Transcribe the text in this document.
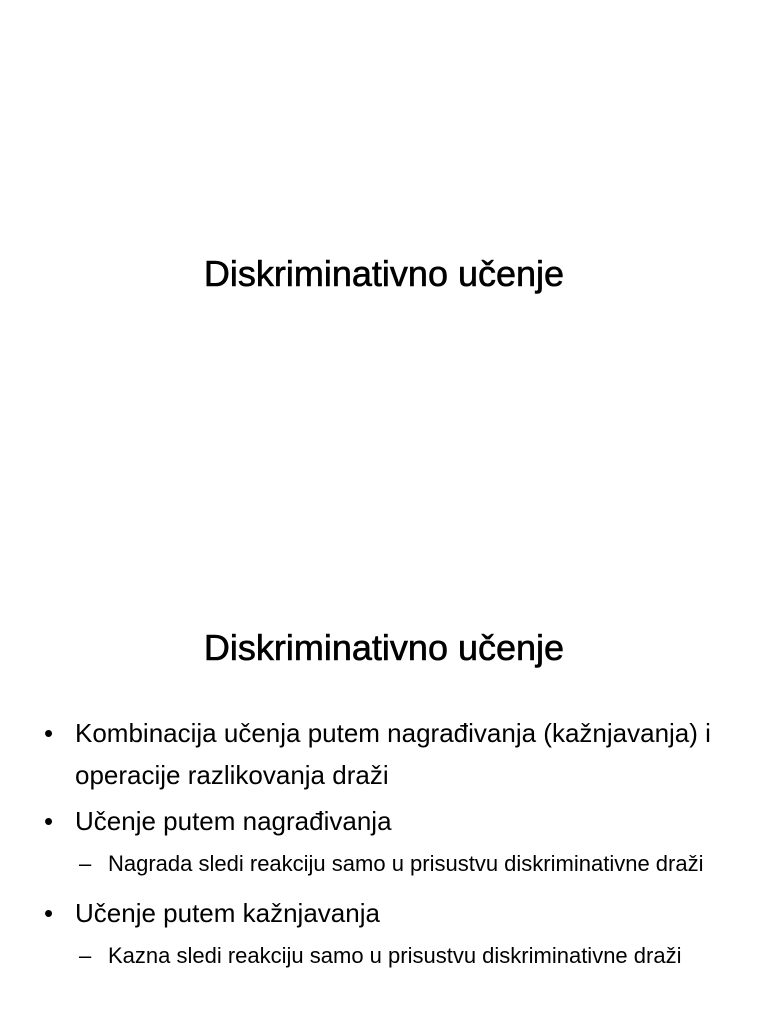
Diskriminativno učenje
Diskriminativno učenje
• Kombinacija učenja putem nagrađivanja (kažnjavanja) i operacije razlikovanja draži
• Učenje putem nagrađivanja
– Nagrada sledi reakciju samo u prisustvu diskriminativne draži
• Učenje putem kažnjavanja
– Kazna sledi reakciju samo u prisustvu diskriminativne draži
